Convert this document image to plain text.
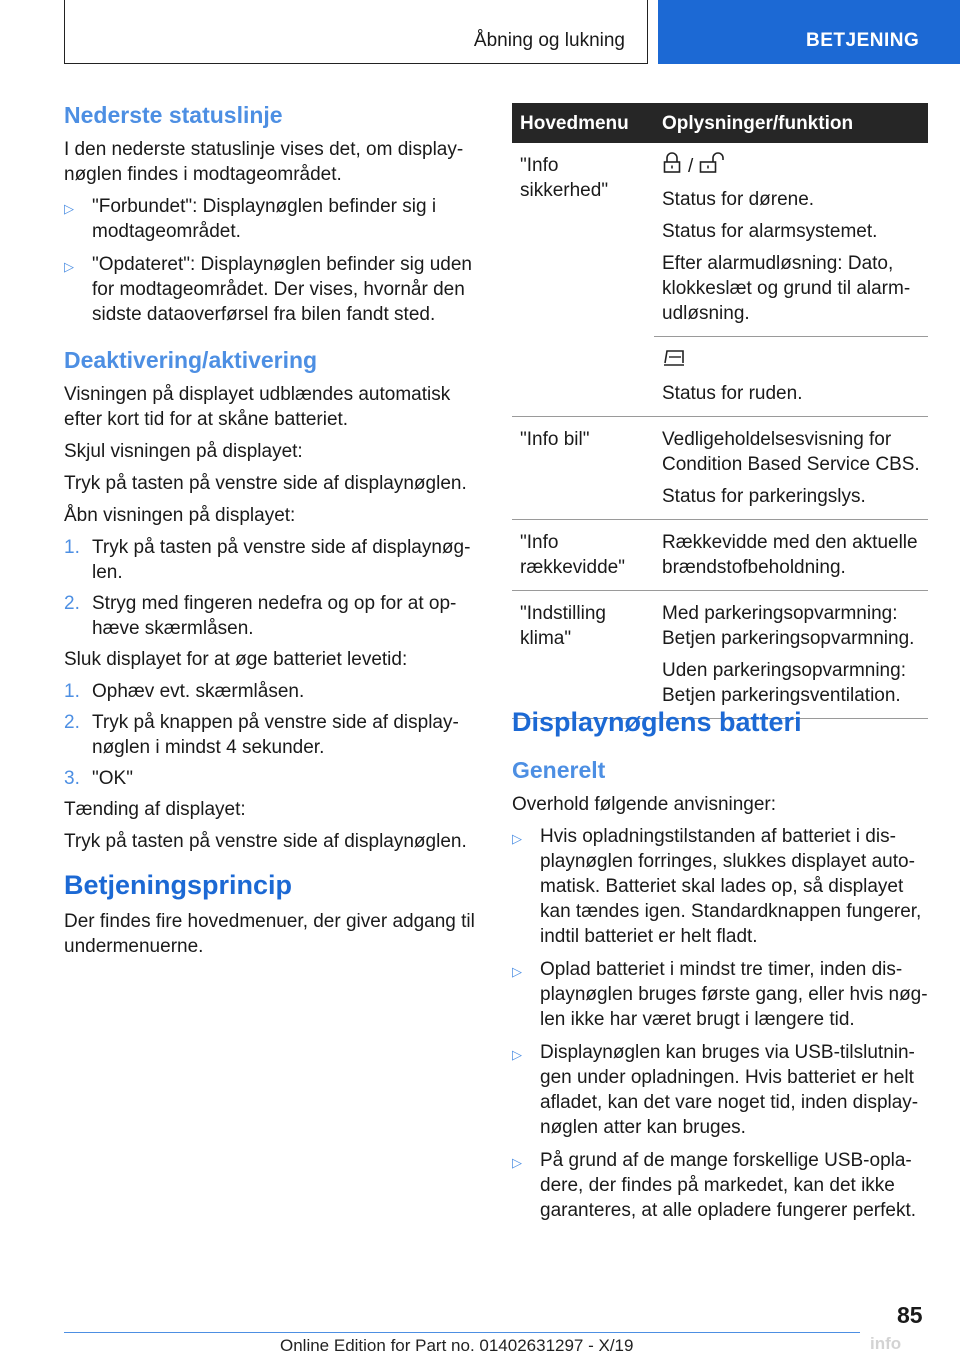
Åbning og lukning	BETJENING
Nederste statuslinje

I den nederste statuslinje vises det, om display-nøglen findes i modtageområdet.

▷ "Forbundet": Displaynøglen befinder sig i modtageområdet.
▷ "Opdateret": Displaynøglen befinder sig uden for modtageområdet. Der vises, hvornår den sidste dataoverførsel fra bilen fandt sted.
Deaktivering/aktivering

Visningen på displayet udblændes automatisk efter kort tid for at skåne batteriet.

Skjul visningen på displayet:

Tryk på tasten på venstre side af displaynøglen.

Åbn visningen på displayet:

1. Tryk på tasten på venstre side af displaynøg-len.
2. Stryg med fingeren nedefra og op for at op-hæve skærmlåsen.

Sluk displayet for at øge batteriet levetid:

1. Ophæv evt. skærmlåsen.
2. Tryk på knappen på venstre side af display-nøglen i mindst 4 sekunder.
3. "OK"

Tænding af displayet:

Tryk på tasten på venstre side af displaynøglen.

Betjeningsprincip

Der findes fire hovedmenuer, der giver adgang til undermenuerne.

Hovedmenu	Oplysninger/funktion
"Info sikkerhed"	/

Status for dørene.

Status for alarmsystemet.

Efter alarmudløsning: Dato, klokkeslæt og grund til alarm-udløsning.

	Status for ruden.

"Info bil"	Vedligeholdelsesvisning for Condition Based Service CBS.

Status for parkeringslys.

"Info rækkevidde"	Rækkevidde med den aktuelle brændstofbeholdning.

"Indstilling klima"	Med parkeringsopvarmning: Betjen parkeringsopvarmning.

Uden parkeringsopvarmning: Betjen parkeringsventilation.

Displaynøglens batteri
Generelt

Overhold følgende anvisninger:

▷ Hvis opladningstilstanden af batteriet i dis-playnøglen forringes, slukkes displayet auto-matisk. Batteriet skal lades op, så displayet kan tændes igen. Standardknappen fungerer, indtil batteriet er helt fladt.
▷ Oplad batteriet i mindst tre timer, inden dis-playnøglen bruges første gang, eller hvis nøg-len ikke har været brugt i længere tid.
▷ Displaynøglen kan bruges via USB-tilslutnin-gen under opladningen. Hvis batteriet er helt afladet, kan det vare noget tid, inden display-nøglen atter kan bruges.
▷ På grund af de mange forskellige USB-opla-dere, der findes på markedet, kan det ikke garanteres, at alle opladere fungerer perfekt.
85
Online Edition for Part no. 01402631297 - X/19	info
